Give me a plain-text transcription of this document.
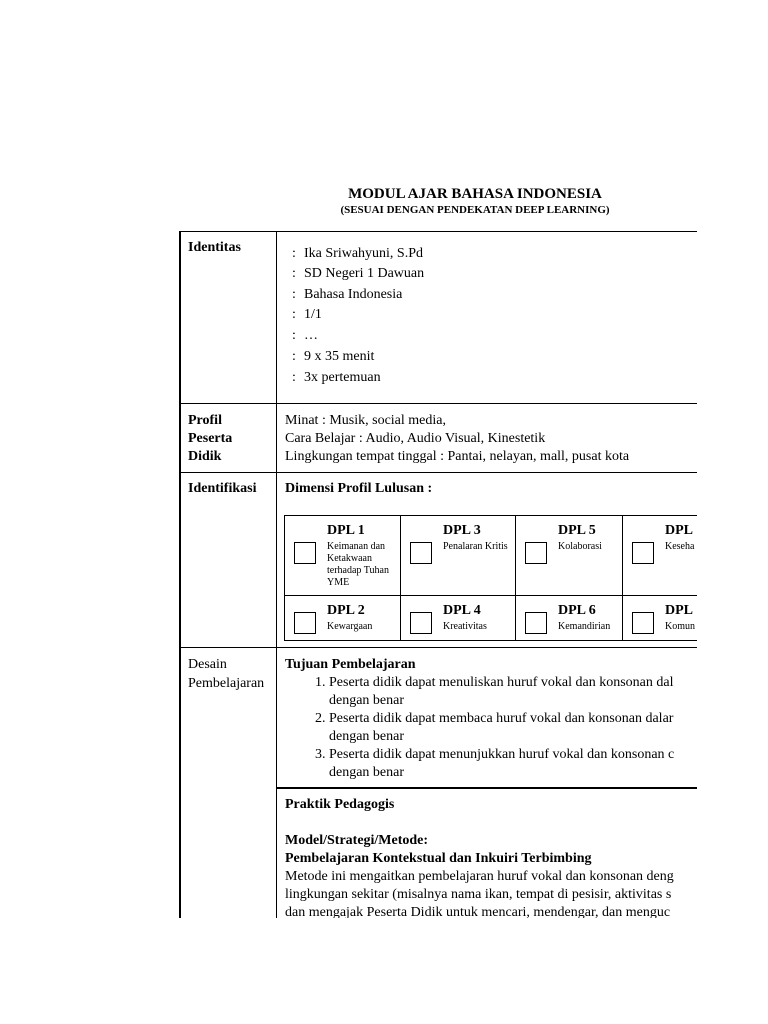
MODUL AJAR BAHASA INDONESIA
(SESUAI DENGAN PENDEKATAN DEEP LEARNING)
Identitas	: Ika Sriwahyuni, S.Pd
: SD Negeri 1 Dawuan
: Bahasa Indonesia
: 1/1
: …
: 9 x 35 menit
: 3x pertemuan
Profil
Peserta
Didik
Minat : Musik, social media,
Cara Belajar : Audio, Audio Visual, Kinestetik
Lingkungan tempat tinggal : Pantai, nelayan, mall, pusat kota
Identifikasi Dimensi Profil Lulusan :
DPL 1
Keimanan dan Ketakwaan terhadap Tuhan YME
DPL 3
Penalaran Kritis
DPL 5
Kolaborasi
DPL
Keseha
DPL 2
Kewargaan
DPL 4
Kreativitas
DPL 6
Kemandirian
DPL
Komun
Desain
Pembelajaran
Tujuan Pembelajaran
1. Peserta didik dapat menuliskan huruf vokal dan konsonan dal
dengan benar
2. Peserta didik dapat membaca huruf vokal dan konsonan dalar
dengan benar
3. Peserta didik dapat menunjukkan huruf vokal dan konsonan c
dengan benar
Praktik Pedagogis
Model/Strategi/Metode:
Pembelajaran Kontekstual dan Inkuiri Terbimbing
Metode ini mengaitkan pembelajaran huruf vokal dan konsonan deng
lingkungan sekitar (misalnya nama ikan, tempat di pesisir, aktivitas s
dan mengajak Peserta Didik untuk mencari, mendengar, dan menguc
